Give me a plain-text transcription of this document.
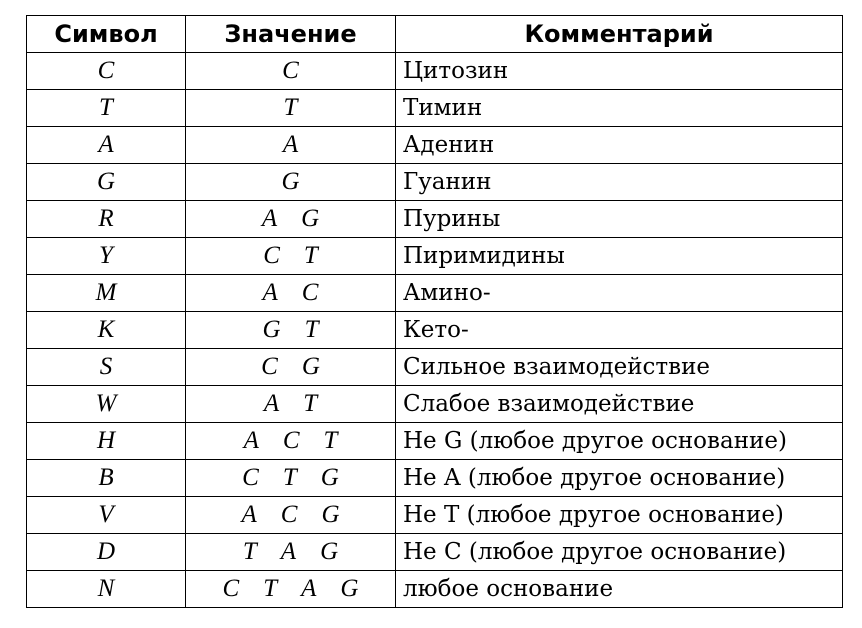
Символ	Значение	Комментарий
C	C	Цитозин
T	T	Тимин
A	A	Аденин
G	G	Гуанин
R	A G	Пурины
Y	C T	Пиримидины
M	A C	Амино-
K	G T	Кето-
S	C G	Сильное взаимодействие
W	A T	Слабое взаимодействие
H	A C T	Не G (любое другое основание)
B	C T G	Не A (любое другое основание)
V	A C G	Не T (любое другое основание)
D	T A G	Не C (любое другое основание)
N	C T A G	любое основание
